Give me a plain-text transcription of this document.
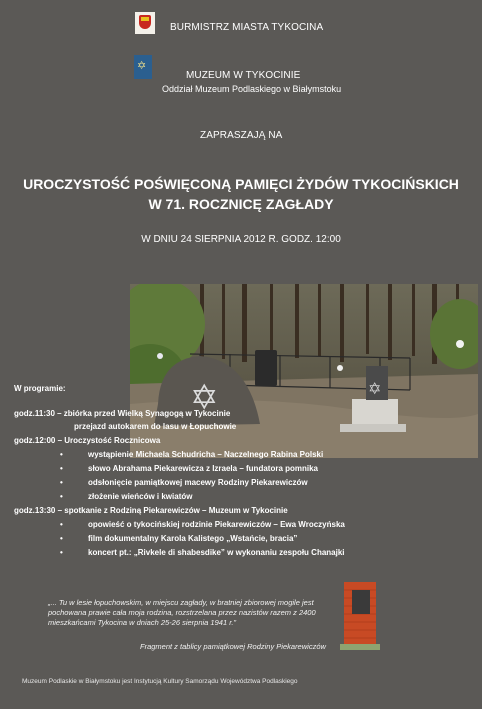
BURMISTRZ MIASTA TYKOCINA
✡
MUZEUM W TYKOCINIE
Oddział Muzeum Podlaskiego w Białymstoku
ZAPRASZAJĄ NA
UROCZYSTOŚĆ POŚWIĘCONĄ PAMIĘCI ŻYDÓW TYKOCIŃSKICH
W 71. ROCZNICĘ ZAGŁADY
W DNIU 24 SIERPNIA 2012 R. GODZ. 12:00
✡	✡
W programie:
godz.11:30 – zbiórka przed Wielką Synagogą w Tykocinie
przejazd autokarem do lasu w Łopuchowie
godz.12:00 – Uroczystość Rocznicowa
•	wystąpienie Michaela Schudricha – Naczelnego Rabina Polski
•	słowo Abrahama Piekarewicza z Izraela – fundatora pomnika
•	odsłonięcie pamiątkowej macewy Rodziny Piekarewiczów
•	złożenie wieńców i kwiatów
godz.13:30 – spotkanie z Rodziną Piekarewiczów – Muzeum w Tykocinie
•	opowieść o tykocińskiej rodzinie Piekarewiczów – Ewa Wroczyńska
•	film dokumentalny Karola Kalistego „Wstańcie, bracia”
•	koncert pt.: „Rivkele di shabesdike” w wykonaniu zespołu Chanajki
„... Tu w lesie łopuchowskim, w miejscu zagłady, w bratniej zbiorowej mogile jest pochowana prawie cała moja rodzina, rozstrzelana przez nazistów razem z 2400 mieszkańcami Tykocina w dniach 25-26 sierpnia 1941 r.”
Fragment z tablicy pamiątkowej Rodziny Piekarewiczów
Muzeum Podlaskie w Białymstoku jest Instytucją Kultury Samorządu Województwa Podlaskiego
